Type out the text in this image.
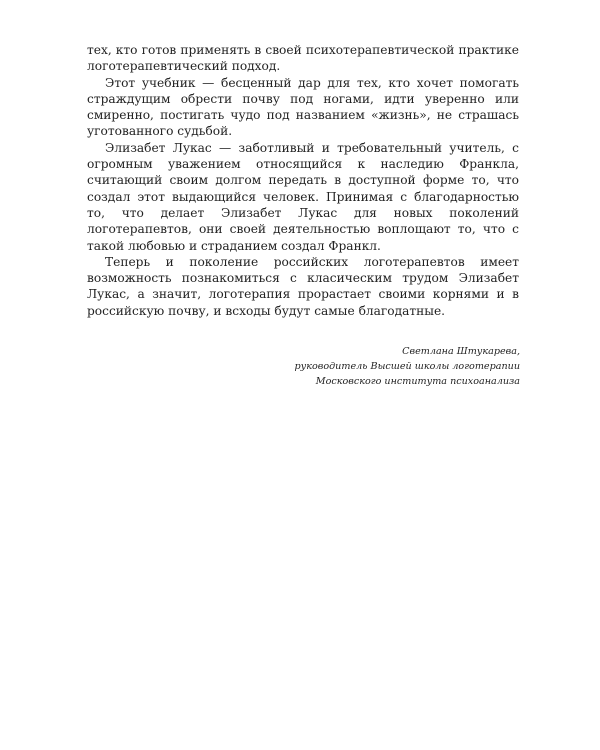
тех, кто готов применять в своей психотерапевтической практике логотерапевтический подход.

Этот учебник — бесценный дар для тех, кто хочет помогать страждущим обрести почву под ногами, идти уверенно или смиренно, постигать чудо под названием «жизнь», не страшась уготованного судьбой.

Элизабет Лукас — заботливый и требовательный учитель, с огромным уважением относящийся к наследию Франкла, считающий своим долгом передать в доступной форме то, что создал этот выдающийся человек. Принимая с благодарностью то, что делает Элизабет Лукас для новых поколений логотерапевтов, они своей деятельностью воплощают то, что с такой любовью и страданием создал Франкл.

Теперь и поколение российских логотерапевтов имеет возможность познакомиться с класическим трудом Элизабет Лукас, а значит, логотерапия прорастает своими корнями и в российскую почву, и всходы будут самые благодатные.

Светлана Штукарева,
руководитель Высшей школы логотерапии
Московского института психоанализа
